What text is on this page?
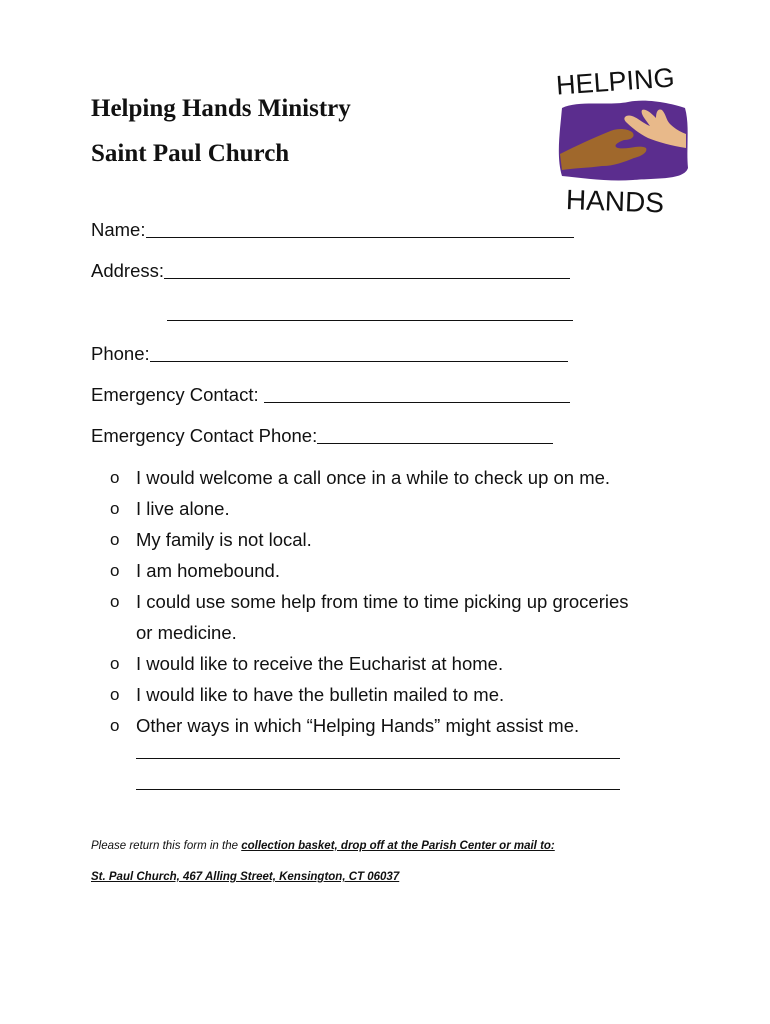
Helping Hands Ministry
Saint Paul Church
HELPING
HANDS
Name:
Address:
Phone:
Emergency Contact:
Emergency Contact Phone:
o I would welcome a call once in a while to check up on me.
o I live alone.
o My family is not local.
o I am homebound.
o I could use some help from time to time picking up groceries or medicine.
o I would like to receive the Eucharist at home.
o I would like to have the bulletin mailed to me.
o Other ways in which “Helping Hands” might assist me.
Please return this form in the collection basket, drop off at the Parish Center or mail to:
St. Paul Church, 467 Alling Street, Kensington, CT 06037
